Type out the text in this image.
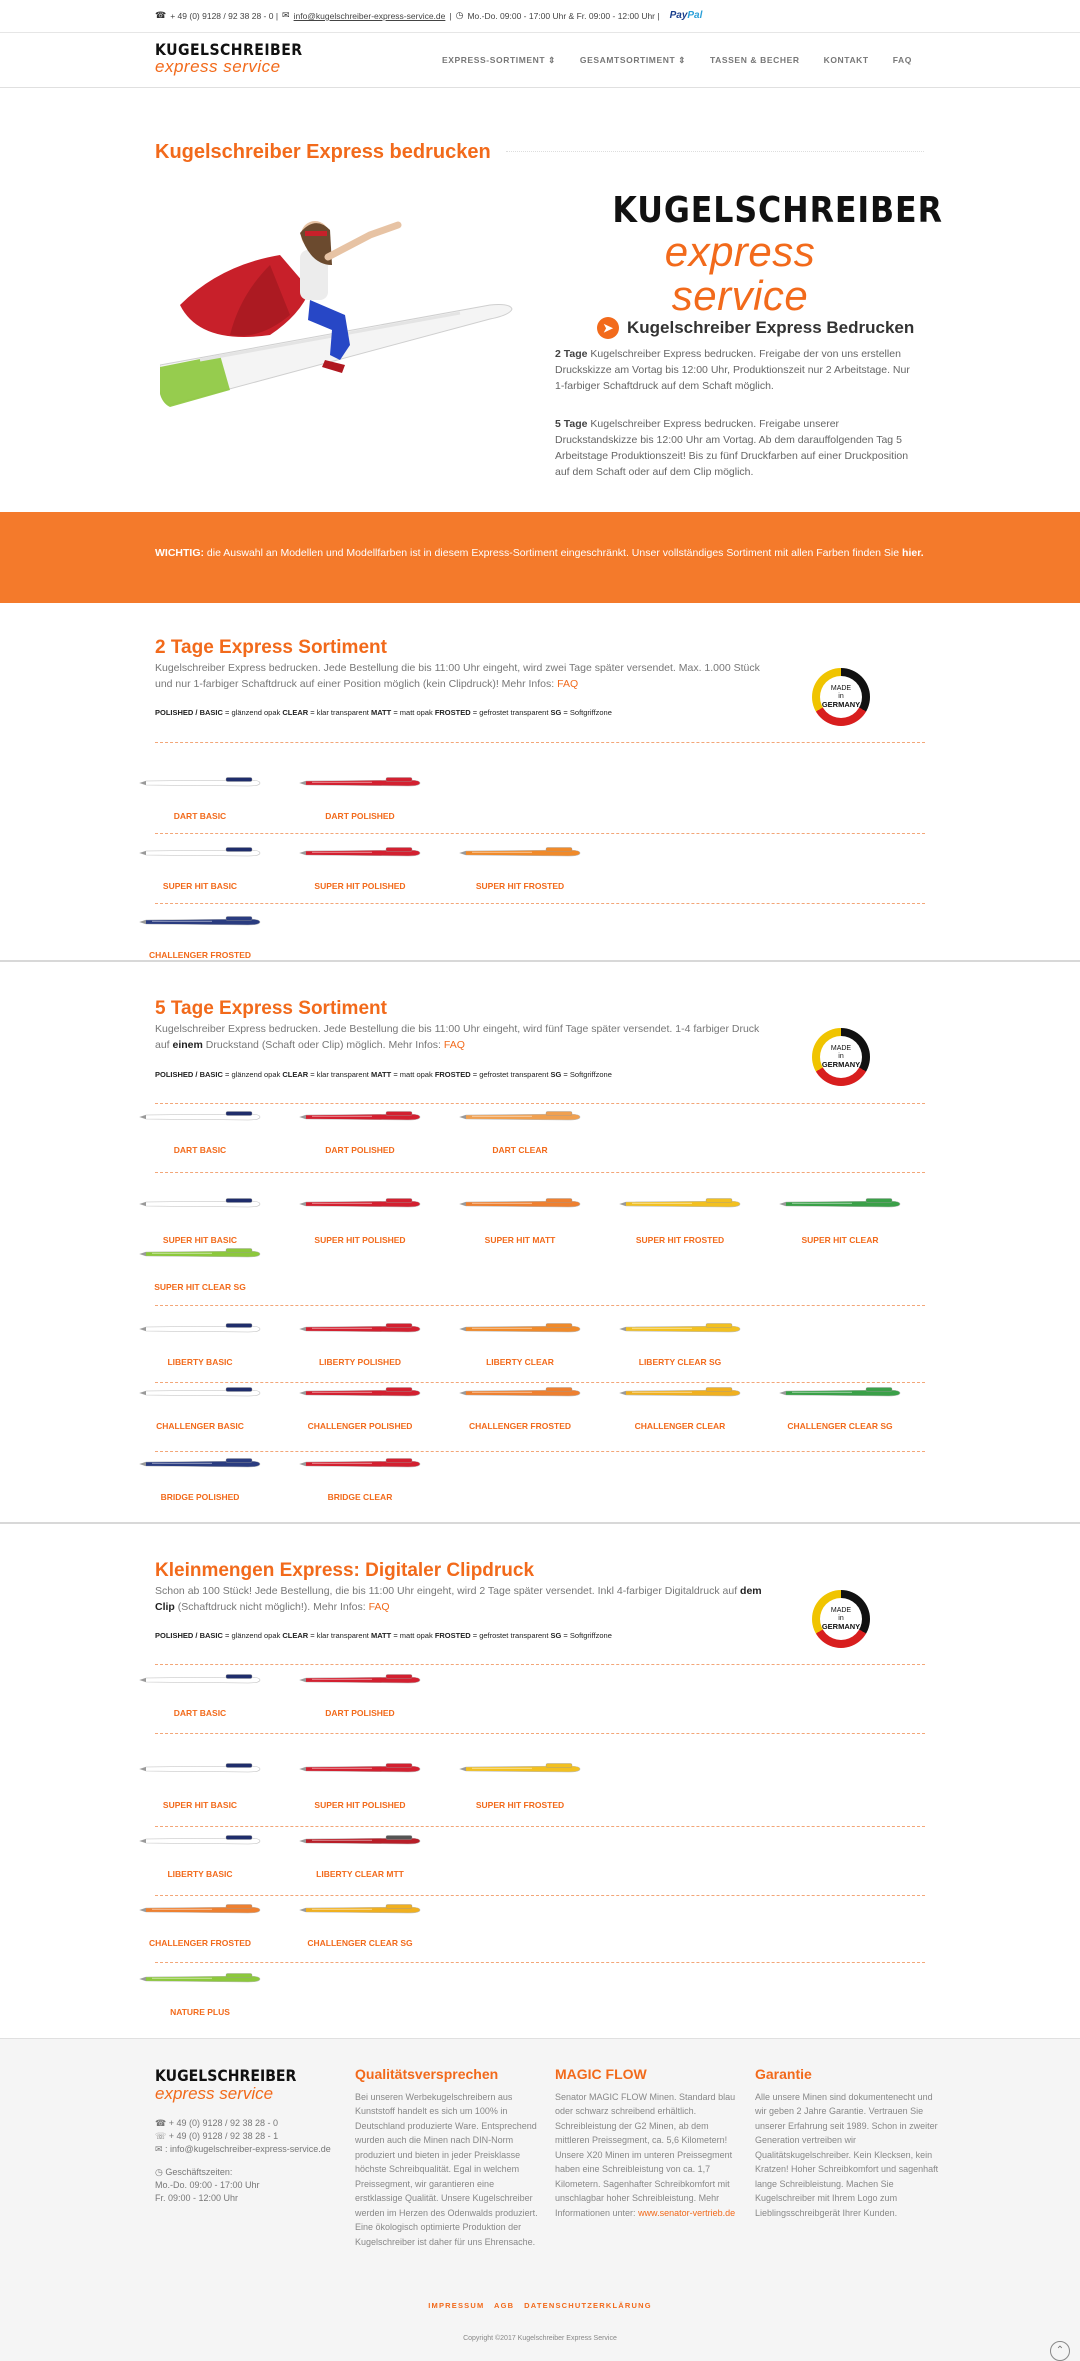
☎ + 49 (0) 9128 / 92 38 28 - 0 | ✉ info@kugelschreiber-express-service.de | ◷ Mo.-Do. 09:00 - 17:00 Uhr & Fr. 09:00 - 12:00 Uhr | PayPal
KUGELSCHREIBER
express service	EXPRESS-SORTIMENT ⇕	GESAMTSORTIMENT ⇕	TASSEN & BECHER	KONTAKT	FAQ
Kugelschreiber Express bedrucken
KUGELSCHREIBER
express service
➤ Kugelschreiber Express Bedrucken

2 Tage Kugelschreiber Express bedrucken. Freigabe der von uns erstellen Druckskizze am Vortag bis 12:00 Uhr, Produktionszeit nur 2 Arbeitstage. Nur 1-farbiger Schaftdruck auf dem Schaft möglich.

5 Tage Kugelschreiber Express bedrucken. Freigabe unserer Druckstandskizze bis 12:00 Uhr am Vortag. Ab dem darauffolgenden Tag 5 Arbeitstage Produktionszeit! Bis zu fünf Druckfarben auf einer Druckposition auf dem Schaft oder auf dem Clip möglich.

WICHTIG: die Auswahl an Modellen und Modellfarben ist in diesem Express-Sortiment eingeschränkt. Unser vollständiges Sortiment mit allen Farben finden Sie hier.
2 Tage Express Sortiment
Kugelschreiber Express bedrucken. Jede Bestellung die bis 11:00 Uhr eingeht, wird zwei Tage später versendet. Max. 1.000 Stück und nur 1-farbiger Schaftdruck auf einer Position möglich (kein Clipdruck)! Mehr Infos: FAQ
POLISHED / BASIC = glänzend opak CLEAR = klar transparent MATT = matt opak FROSTED = gefrostet transparent SG = Softgriffzone
MADE
in
GERMANY
DART BASIC	DART POLISHED
SUPER HIT BASIC	SUPER HIT POLISHED	SUPER HIT FROSTED
CHALLENGER FROSTED
5 Tage Express Sortiment
Kugelschreiber Express bedrucken. Jede Bestellung die bis 11:00 Uhr eingeht, wird fünf Tage später versendet. 1-4 farbiger Druck auf einem Druckstand (Schaft oder Clip) möglich. Mehr Infos: FAQ
POLISHED / BASIC = glänzend opak CLEAR = klar transparent MATT = matt opak FROSTED = gefrostet transparent SG = Softgriffzone
MADE
in
GERMANY
DART BASIC	DART POLISHED	DART CLEAR
SUPER HIT BASIC	SUPER HIT POLISHED	SUPER HIT MATT	SUPER HIT FROSTED	SUPER HIT CLEAR
SUPER HIT CLEAR SG
LIBERTY BASIC	LIBERTY POLISHED	LIBERTY CLEAR	LIBERTY CLEAR SG
CHALLENGER BASIC	CHALLENGER POLISHED	CHALLENGER FROSTED	CHALLENGER CLEAR	CHALLENGER CLEAR SG
BRIDGE POLISHED	BRIDGE CLEAR
Kleinmengen Express: Digitaler Clipdruck
Schon ab 100 Stück! Jede Bestellung, die bis 11:00 Uhr eingeht, wird 2 Tage später versendet. Inkl 4-farbiger Digitaldruck auf dem Clip (Schaftdruck nicht möglich!). Mehr Infos: FAQ
POLISHED / BASIC = glänzend opak CLEAR = klar transparent MATT = matt opak FROSTED = gefrostet transparent SG = Softgriffzone
MADE
in
GERMANY
DART BASIC	DART POLISHED
SUPER HIT BASIC	SUPER HIT POLISHED	SUPER HIT FROSTED
LIBERTY BASIC	LIBERTY CLEAR MTT
CHALLENGER FROSTED	CHALLENGER CLEAR SG
NATURE PLUS
KUGELSCHREIBER
express service
☎ + 49 (0) 9128 / 92 38 28 - 0
☏ + 49 (0) 9128 / 92 38 28 - 1
✉ : info@kugelschreiber-express-service.de
◷ Geschäftszeiten:
Mo.-Do. 09:00 - 17:00 Uhr
Fr. 09:00 - 12:00 Uhr
Qualitätsversprechen

Bei unseren Werbekugelschreibern aus Kunststoff handelt es sich um 100% in Deutschland produzierte Ware. Entsprechend wurden auch die Minen nach DIN-Norm produziert und bieten in jeder Preisklasse höchste Schreibqualität. Egal in welchem Preissegment, wir garantieren eine erstklassige Qualität. Unsere Kugelschreiber werden im Herzen des Odenwalds produziert. Eine ökologisch optimierte Produktion der Kugelschreiber ist daher für uns Ehrensache.

MAGIC FLOW

Senator MAGIC FLOW Minen. Standard blau oder schwarz schreibend erhältlich. Schreibleistung der G2 Minen, ab dem mittleren Preissegment, ca. 5,6 Kilometern! Unsere X20 Minen im unteren Preissegment haben eine Schreibleistung von ca. 1,7 Kilometern. Sagenhafter Schreibkomfort mit unschlagbar hoher Schreibleistung. Mehr Informationen unter: www.senator-vertrieb.de

Garantie

Alle unsere Minen sind dokumentenecht und wir geben 2 Jahre Garantie. Vertrauen Sie unserer Erfahrung seit 1989. Schon in zweiter Generation vertreiben wir Qualitätskugelschreiber. Kein Klecksen, kein Kratzen! Hoher Schreibkomfort und sagenhaft lange Schreibleistung. Machen Sie Kugelschreiber mit Ihrem Logo zum Lieblingsschreibgerät Ihrer Kunden.

IMPRESSUM AGB DATENSCHUTZERKLÄRUNG
Copyright ©2017 Kugelschreiber Express Service
⌃
